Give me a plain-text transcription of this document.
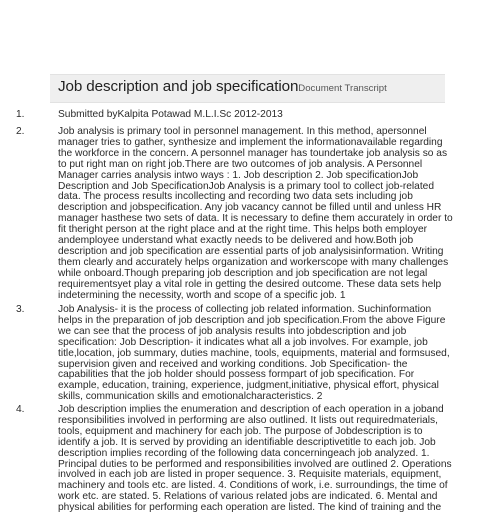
Job description and job specificationDocument Transcript
1.	Submitted byKalpita Potawad M.L.I.Sc 2012-2013
2.	Job analysis is primary tool in personnel management. In this method, apersonnel
manager tries to gather, synthesize and implement the informationavailable regarding
the workforce in the concern. A personnel manager has toundertake job analysis so as
to put right man on right job.There are two outcomes of job analysis. A Personnel
Manager carries analysis intwo ways : 1. Job description 2. Job specificationJob
Description and Job SpecificationJob Analysis is a primary tool to collect job-related
data. The process results incollecting and recording two data sets including job
description and jobspecification. Any job vacancy cannot be filled until and unless HR
manager hasthese two sets of data. It is necessary to define them accurately in order to
fit theright person at the right place and at the right time. This helps both employer
andemployee understand what exactly needs to be delivered and how.Both job
description and job specification are essential parts of job analysisinformation. Writing
them clearly and accurately helps organization and workerscope with many challenges
while onboard.Though preparing job description and job specification are not legal
requirementsyet play a vital role in getting the desired outcome. These data sets help
indetermining the necessity, worth and scope of a specific job. 1
3.	Job Analysis- it is the process of collecting job related information. Suchinformation
helps in the preparation of job description and job specification.From the above Figure
we can see that the process of job analysis results into jobdescription and job
specification: Job Description- it indicates what all a job involves. For example, job
title,location, job summary, duties machine, tools, equipments, material and formsused,
supervision given and received and working conditions. Job Specification- the
capabilities that the job holder should possess formpart of job specification. For
example, education, training, experience, judgment,initiative, physical effort, physical
skills, communication skills and emotionalcharacteristics. 2
4.	Job description implies the enumeration and description of each operation in a joband
responsibilities involved in performing are also outlined. It lists out requiredmaterials,
tools, equipment and machinery for each job. The purpose of Jobdescription is to
identify a job. It is served by providing an identifiable descriptivetitle to each job. Job
description implies recording of the following data concerningeach job analyzed. 1.
Principal duties to be performed and responsibilities involved are outlined 2. Operations
involved in each job are listed in proper sequence. 3. Requisite materials, equipment,
machinery and tools etc. are listed. 4. Conditions of work, i.e. surroundings, the time of
work etc. are stated. 5. Relations of various related jobs are indicated. 6. Mental and
physical abilities for performing each operation are listed. The kind of training and the
